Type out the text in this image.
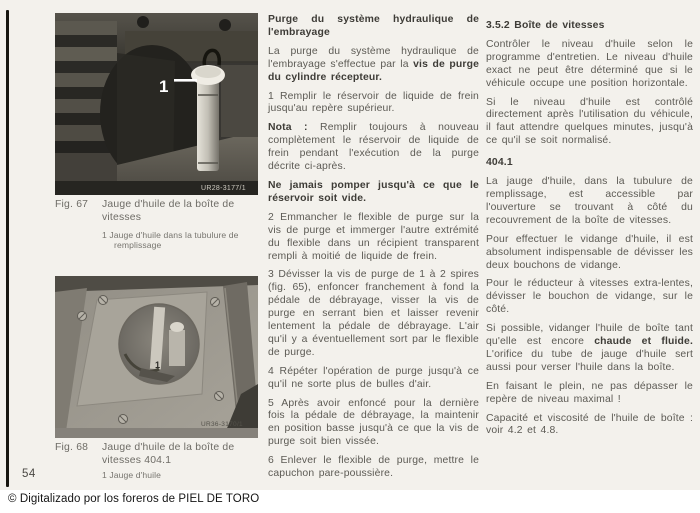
1
UR28-3177/1
Fig. 67	Jauge d'huile de la boîte de vitesses
1 Jauge d'huile dans la tubulure de remplissage
1
UR36-3170/1
Fig. 68	Jauge d'huile de la boîte de vitesses 404.1
1 Jauge d'huile
54

Purge du système hydraulique de l'embrayage

La purge du système hydraulique de l'embrayage s'effectue par la vis de purge du cylindre récepteur.

1 Remplir le réservoir de liquide de frein jusqu'au repère supérieur.

Nota : Remplir toujours à nouveau complètement le réservoir de liquide de frein pendant l'exécution de la purge décrite ci-après.

Ne jamais pomper jusqu'à ce que le réservoir soit vide.

2 Emmancher le flexible de purge sur la vis de purge et immerger l'autre extrémité du flexible dans un récipient transparent rempli à moitié de liquide de frein.

3 Dévisser la vis de purge de 1 à 2 spires (fig. 65), enfoncer franchement à fond la pédale de débrayage, visser la vis de purge en serrant bien et laisser revenir lentement la pédale de débrayage. L'air qu'il y a éventuellement sort par le flexible de purge.

4 Répéter l'opération de purge jusqu'à ce qu'il ne sorte plus de bulles d'air.

5 Après avoir enfoncé pour la dernière fois la pédale de débrayage, la maintenir en position basse jusqu'à ce que la vis de purge soit bien vissée.

6 Enlever le flexible de purge, mettre le capuchon pare-poussière.

3.5.2 Boîte de vitesses

Contrôler le niveau d'huile selon le programme d'entretien. Le niveau d'huile exact ne peut être déterminé que si le véhicule occupe une position horizontale.

Si le niveau d'huile est contrôlé directement après l'utilisation du véhicule, il faut attendre quelques minutes, jusqu'à ce qu'il se soit normalisé.

404.1

La jauge d'huile, dans la tubulure de remplissage, est accessible par l'ouverture se trouvant à côté du recouvrement de la boîte de vitesses.

Pour effectuer le vidange d'huile, il est absolument indispensable de dévisser les deux bouchons de vidange.

Pour le réducteur à vitesses extra-lentes, dévisser le bouchon de vidange, sur le côté.

Si possible, vidanger l'huile de boîte tant qu'elle est encore chaude et fluide. L'orifice du tube de jauge d'huile sert aussi pour verser l'huile dans la boîte.

En faisant le plein, ne pas dépasser le repère de niveau maximal !

Capacité et viscosité de l'huile de boîte : voir 4.2 et 4.8.

© Digitalizado por los foreros de PIEL DE TORO
